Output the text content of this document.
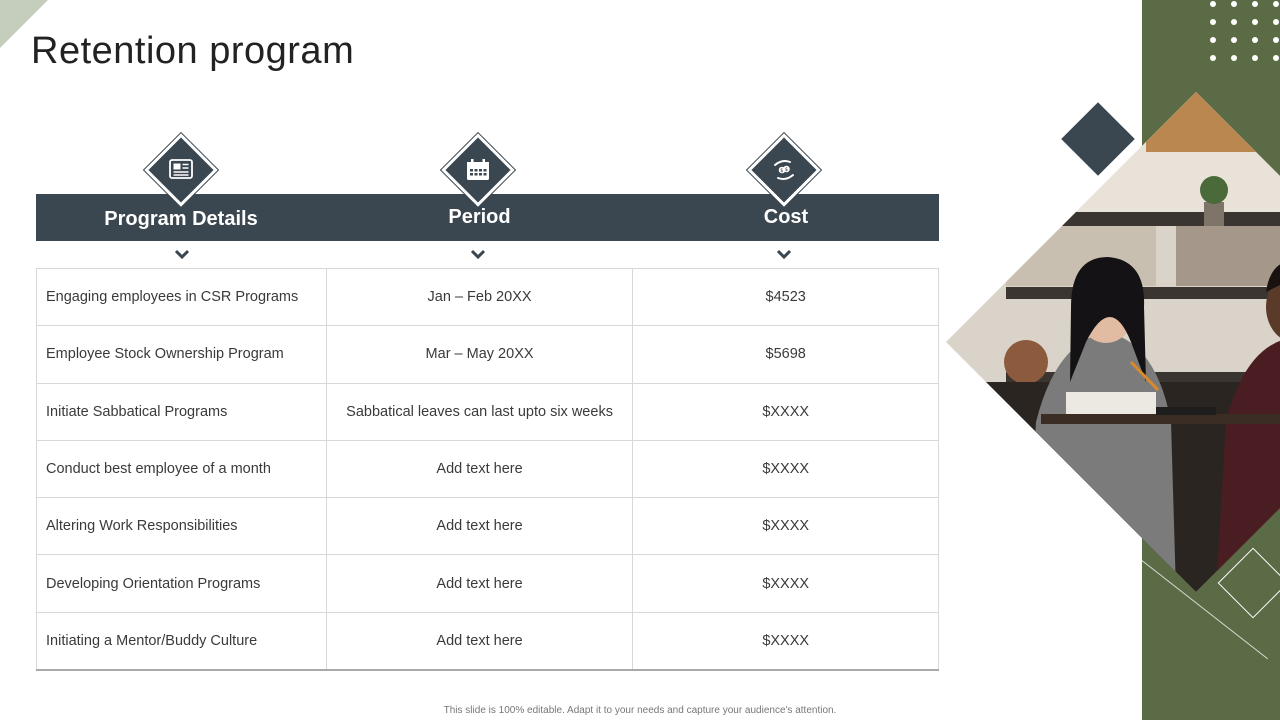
Retention program
Program Details	Period	Cost
$ $
Engaging employees in CSR Programs	Jan – Feb 20XX	$4523
Employee Stock Ownership Program	Mar – May 20XX	$5698
Initiate Sabbatical Programs	Sabbatical leaves can last upto six weeks	$XXXX
Conduct best employee of a month	Add text here	$XXXX
Altering Work Responsibilities	Add text here	$XXXX
Developing Orientation Programs	Add text here	$XXXX
Initiating a Mentor/Buddy Culture	Add text here	$XXXX
This slide is 100% editable. Adapt it to your needs and capture your audience's attention.
